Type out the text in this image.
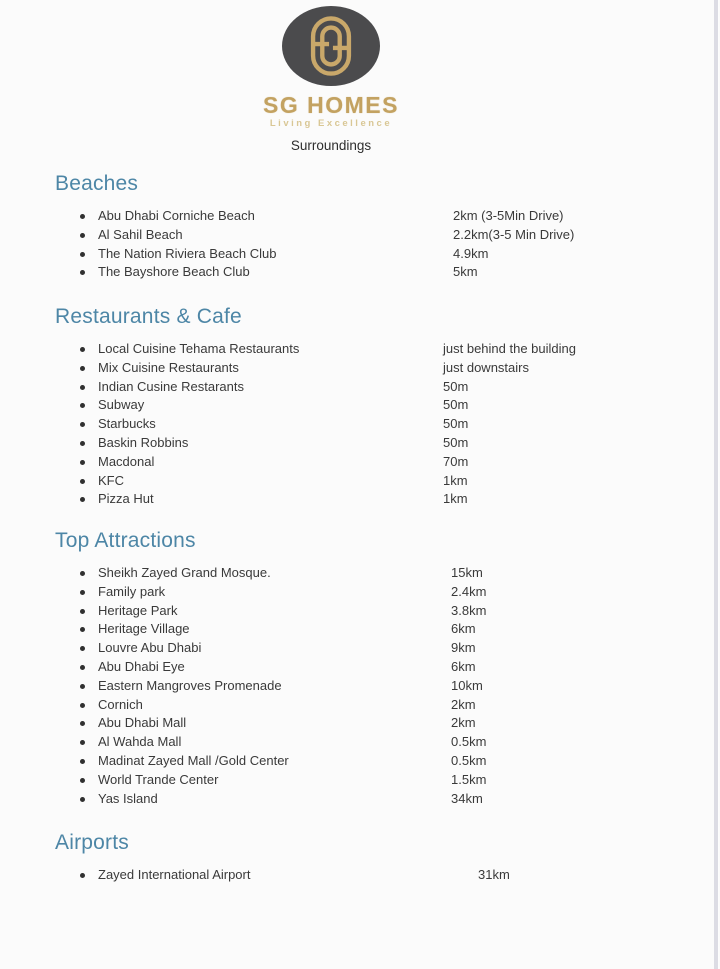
SG HOMES
Living Excellence
Surroundings
Beaches
Abu Dhabi Corniche Beach	2km (3-5Min Drive)
Al Sahil Beach	2.2km(3-5 Min Drive)
The Nation Riviera Beach Club	4.9km
The Bayshore Beach Club	5km
Restaurants & Cafe
Local Cuisine Tehama Restaurants	just behind the building
Mix Cuisine Restaurants	just downstairs
Indian Cusine Restarants	50m
Subway	50m
Starbucks	50m
Baskin Robbins	50m
Macdonal	70m
KFC	1km
Pizza Hut	1km
Top Attractions
Sheikh Zayed Grand Mosque.	15km
Family park	2.4km
Heritage Park	3.8km
Heritage Village	6km
Louvre Abu Dhabi	9km
Abu Dhabi Eye	6km
Eastern Mangroves Promenade	10km
Cornich	2km
Abu Dhabi Mall	2km
Al Wahda Mall	0.5km
Madinat Zayed Mall /Gold Center	0.5km
World Trande Center	1.5km
Yas Island	34km
Airports
Zayed International Airport	31km
